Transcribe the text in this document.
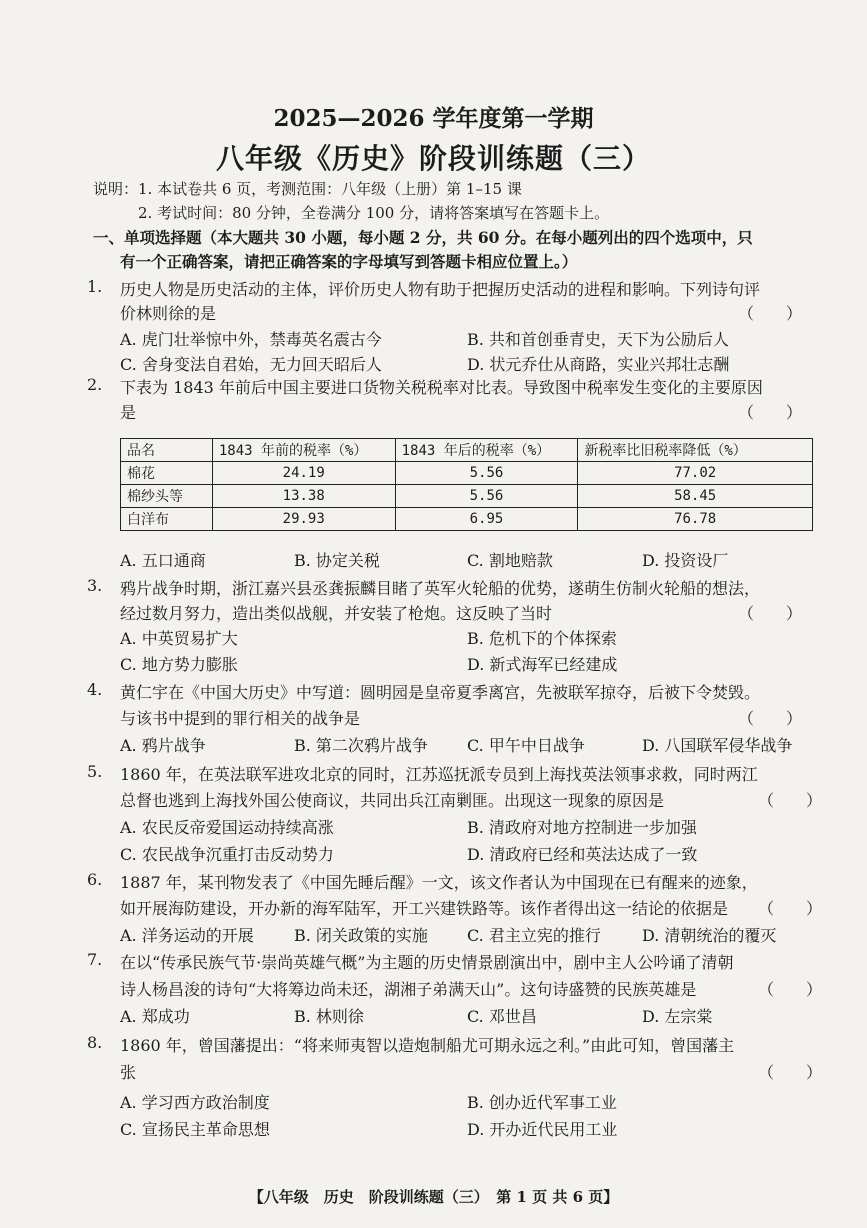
2025—2026 学年度第一学期
八年级《历史》阶段训练题（三）
说明：1. 本试卷共 6 页，考测范围：八年级（上册）第 1–15 课
2. 考试时间：80 分钟，全卷满分 100 分，请将答案填写在答题卡上。
一、单项选择题（本大题共 30 小题，每小题 2 分，共 60 分。在每小题列出的四个选项中，只
有一个正确答案，请把正确答案的字母填写到答题卡相应位置上。）
1. 历史人物是历史活动的主体，评价历史人物有助于把握历史活动的进程和影响。下列诗句评
价林则徐的是	（　　）
A. 虎门壮举惊中外，禁毒英名震古今	B. 共和首创垂青史，天下为公励后人
C. 舍身变法自君始，无力回天昭后人	D. 状元乔仕从商路，实业兴邦壮志酬
2. 下表为 1843 年前后中国主要进口货物关税税率对比表。导致图中税率发生变化的主要原因
是	（　　）
品名	1843 年前的税率（%）	1843 年后的税率（%）	新税率比旧税率降低（%）
棉花	24.19	5.56	77.02
棉纱头等	13.38	5.56	58.45
白洋布	29.93	6.95	76.78
A. 五口通商	B. 协定关税	C. 割地赔款	D. 投资设厂
3. 鸦片战争时期，浙江嘉兴县丞龚振麟目睹了英军火轮船的优势，遂萌生仿制火轮船的想法，
经过数月努力，造出类似战舰，并安装了枪炮。这反映了当时	（　　）
A. 中英贸易扩大	B. 危机下的个体探索
C. 地方势力膨胀	D. 新式海军已经建成
4. 黄仁宇在《中国大历史》中写道：圆明园是皇帝夏季离宫，先被联军掠夺，后被下令焚毁。
与该书中提到的罪行相关的战争是	（　　）
A. 鸦片战争	B. 第二次鸦片战争 C. 甲午中日战争	D. 八国联军侵华战争
5. 1860 年，在英法联军进攻北京的同时，江苏巡抚派专员到上海找英法领事求救，同时两江
总督也逃到上海找外国公使商议，共同出兵江南剿匪。出现这一现象的原因是	（　　）
A. 农民反帝爱国运动持续高涨	B. 清政府对地方控制进一步加强
C. 农民战争沉重打击反动势力	D. 清政府已经和英法达成了一致
6. 1887 年，某刊物发表了《中国先睡后醒》一文，该文作者认为中国现在已有醒来的迹象，
如开展海防建设，开办新的海军陆军，开工兴建铁路等。该作者得出这一结论的依据是 （　　）
A. 洋务运动的开展	B. 闭关政策的实施 C. 君主立宪的推行	D. 清朝统治的覆灭
7. 在以“传承民族气节·崇尚英雄气概”为主题的历史情景剧演出中，剧中主人公吟诵了清朝
诗人杨昌浚的诗句“大将筹边尚未还，湖湘子弟满天山”。这句诗盛赞的民族英雄是	（　　）
A. 郑成功	B. 林则徐	C. 邓世昌	D. 左宗棠
8. 1860 年，曾国藩提出：“将来师夷智以造炮制船尤可期永远之利。”由此可知，曾国藩主
张	（　　）
A. 学习西方政治制度	B. 创办近代军事工业
C. 宣扬民主革命思想	D. 开办近代民用工业
【八年级　历史　阶段训练题（三）　第 1 页 共 6 页】
